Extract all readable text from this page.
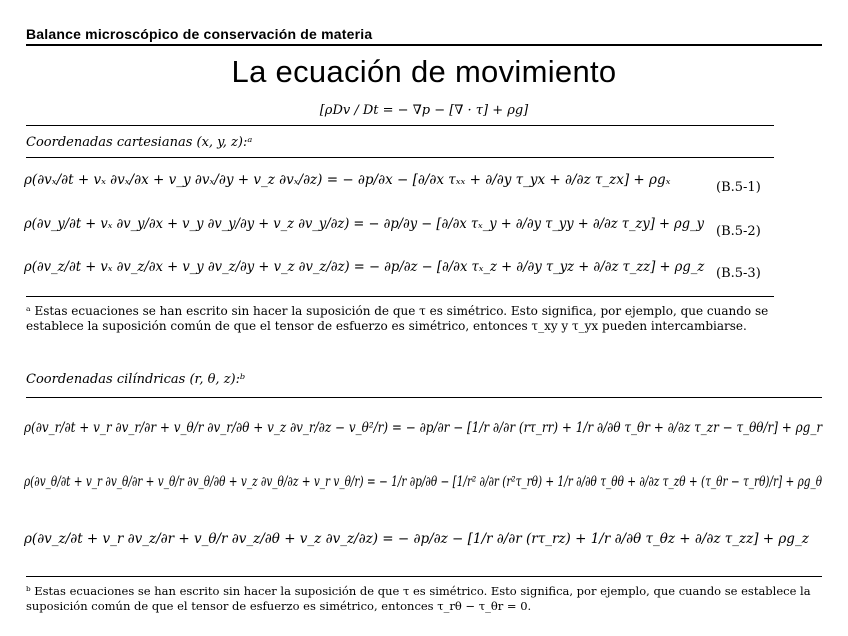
Balance microscópico de conservación de materia
La ecuación de movimiento
[ρDv / Dt = − ∇p − [∇ · τ] + ρg]
Coordenadas cartesianas (x, y, z):ᵃ
ρ(∂vₓ/∂t + vₓ ∂vₓ/∂x + v_y ∂vₓ/∂y + v_z ∂vₓ/∂z) = − ∂p/∂x − [∂/∂x τₓₓ + ∂/∂y τ_yx + ∂/∂z τ_zx] + ρgₓ	(B.5-1)
ρ(∂v_y/∂t + vₓ ∂v_y/∂x + v_y ∂v_y/∂y + v_z ∂v_y/∂z) = − ∂p/∂y − [∂/∂x τₓ_y + ∂/∂y τ_yy + ∂/∂z τ_zy] + ρg_y (B.5-2)
ρ(∂v_z/∂t + vₓ ∂v_z/∂x + v_y ∂v_z/∂y + v_z ∂v_z/∂z) = − ∂p/∂z − [∂/∂x τₓ_z + ∂/∂y τ_yz + ∂/∂z τ_zz] + ρg_z (B.5-3)
ᵃ Estas ecuaciones se han escrito sin hacer la suposición de que τ es simétrico. Esto significa, por ejemplo, que cuando se establece la suposición común de que el tensor de esfuerzo es simétrico, entonces τ_xy y τ_yx pueden intercambiarse.
Coordenadas cilíndricas (r, θ, z):ᵇ
ρ(∂v_r/∂t + v_r ∂v_r/∂r + v_θ/r ∂v_r/∂θ + v_z ∂v_r/∂z − v_θ²/r) = − ∂p/∂r − [1/r ∂/∂r (rτ_rr) + 1/r ∂/∂θ τ_θr + ∂/∂z τ_zr − τ_θθ/r] + ρg_r
ρ(∂v_θ/∂t + v_r ∂v_θ/∂r + v_θ/r ∂v_θ/∂θ + v_z ∂v_θ/∂z + v_r v_θ/r) = − 1/r ∂p/∂θ − [1/r² ∂/∂r (r²τ_rθ) + 1/r ∂/∂θ τ_θθ + ∂/∂z τ_zθ + (τ_θr − τ_rθ)/r] + ρg_θ
ρ(∂v_z/∂t + v_r ∂v_z/∂r + v_θ/r ∂v_z/∂θ + v_z ∂v_z/∂z) = − ∂p/∂z − [1/r ∂/∂r (rτ_rz) + 1/r ∂/∂θ τ_θz + ∂/∂z τ_zz] + ρg_z
ᵇ Estas ecuaciones se han escrito sin hacer la suposición de que τ es simétrico. Esto significa, por ejemplo, que cuando se establece la suposición común de que el tensor de esfuerzo es simétrico, entonces τ_rθ − τ_θr = 0.
